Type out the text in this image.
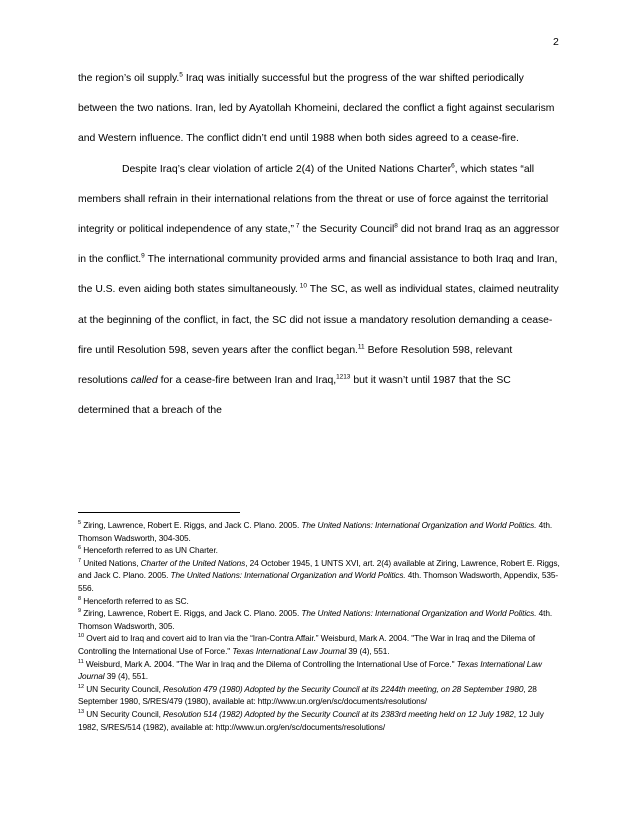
2

the region’s oil supply.$^5$ Iraq was initially successful but the progress of the war shifted periodically between the two nations. Iran, led by Ayatollah Khomeini, declared the conflict a fight against secularism and Western influence. The conflict didn’t end until 1988 when both sides agreed to a cease-fire.

Despite Iraq’s clear violation of article 2(4) of the United Nations Charter$^6$, which states “all members shall refrain in their international relations from the threat or use of force against the territorial integrity or political independence of any state,” $^7$ the Security Council$^8$ did not brand Iraq as an aggressor in the conflict.$^9$ The international community provided arms and financial assistance to both Iraq and Iran, the U.S. even aiding both states simultaneously. $^{10}$ The SC, as well as individual states, claimed neutrality at the beginning of the conflict, in fact, the SC did not issue a mandatory resolution demanding a cease-fire until Resolution 598, seven years after the conflict began.$^{11}$ Before Resolution 598, relevant resolutions called for a cease-fire between Iran and Iraq,$^{1213}$ but it wasn’t until 1987 that the SC determined that a breach of the

$^5$ Ziring, Lawrence, Robert E. Riggs, and Jack C. Plano. 2005. The United Nations: International Organization and World Politics. 4th. Thomson Wadsworth, 304-305.

$^6$ Henceforth referred to as UN Charter.

$^7$ United Nations, Charter of the United Nations, 24 October 1945, 1 UNTS XVI, art. 2(4) available at Ziring, Lawrence, Robert E. Riggs, and Jack C. Plano. 2005. The United Nations: International Organization and World Politics. 4th. Thomson Wadsworth, Appendix, 535-556.

$^8$ Henceforth referred to as SC.

$^9$ Ziring, Lawrence, Robert E. Riggs, and Jack C. Plano. 2005. The United Nations: International Organization and World Politics. 4th. Thomson Wadsworth, 305.

$^{10}$ Overt aid to Iraq and covert aid to Iran via the “Iran-Contra Affair.” Weisburd, Mark A. 2004. "The War in Iraq and the Dilema of Controlling the International Use of Force." Texas International Law Journal 39 (4), 551.

$^{11}$ Weisburd, Mark A. 2004. "The War in Iraq and the Dilema of Controlling the International Use of Force." Texas International Law Journal 39 (4), 551.

$^{12}$ UN Security Council, Resolution 479 (1980) Adopted by the Security Council at its 2244th meeting, on 28 September 1980, 28 September 1980, S/RES/479 (1980), available at: http://www.un.org/en/sc/documents/resolutions/

$^{13}$ UN Security Council, Resolution 514 (1982) Adopted by the Security Council at its 2383rd meeting held on 12 July 1982, 12 July 1982, S/RES/514 (1982), available at: http://www.un.org/en/sc/documents/resolutions/
